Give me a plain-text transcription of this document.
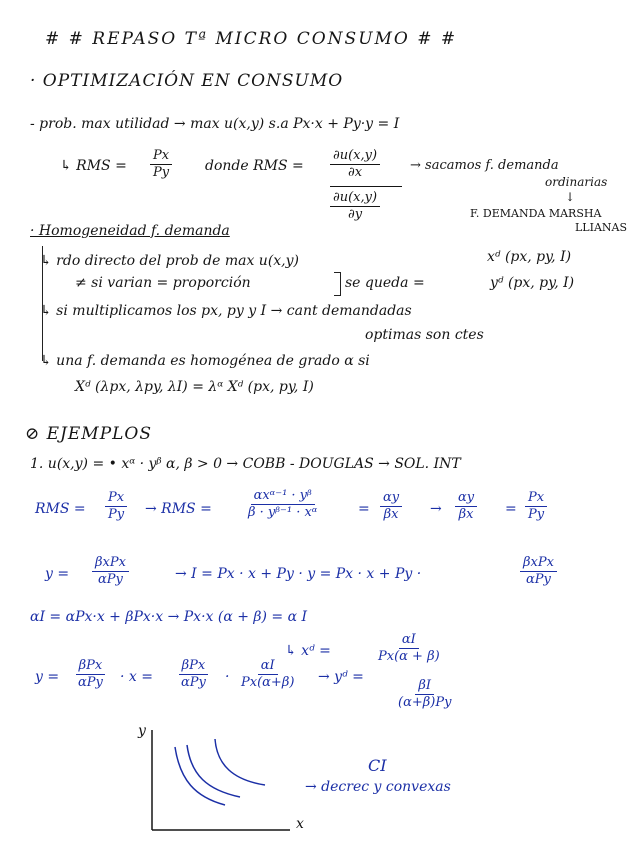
# # REPASO Tª MICRO CONSUMO # #
· OPTIMIZACIÓN EN CONSUMO
- prob. max utilidad → max u(x,y) s.a Px·x + Py·y = I
↳ RMS = $\frac{Px}{Py}$ donde RMS = $\frac{\partial u(x,y)}{\partial x}$
$\frac{\partial u(x,y)}{\partial y}$
→ sacamos f. demanda
ordinarias
↓
F. DEMANDA MARSHA
LLIANAS
· Homogeneidad f. demanda
↳ rdo directo del prob de max u(x,y)	xᵈ (px, py, I)
≠ si varian = proporción	se queda =	yᵈ (px, py, I)
↳ si multiplicamos los px, py y I → cant demandadas
optimas son ctes
↳ una f. demanda es homogénea de grado α si
Xᵈ (λpx, λpy, λI) = λᵅ Xᵈ (px, py, I)
⊘ EJEMPLOS
1. u(x,y) = • xᵅ · yᵝ α, β > 0 → COBB - DOUGLAS → SOL. INT
RMS = $\frac{Px}{Py}$ → RMS =
αxᵅ⁻¹ · yᵝ
β · yᵝ⁻¹ · xᵅ	= $\frac{\alpha y}{\beta x} \to \frac{\alpha y}{\beta x} = \frac{Px}{Py}$
y =
βxPx
αPy	→ I = Px · x + Py · y = Px · x + Py ·
βxPx
αPy
αI = αPx·x + βPx·x → Px·x (α + β) = α I
↳ xᵈ =	$\frac{\alpha I}{Px(\alpha + \beta)}$
y =
βPx
αPy · x =
βPx
$\alpha Py \cdot \frac{\alpha I}{Px(\alpha+\beta)}$ → yᵈ =
$\frac{\beta I}{(\alpha+\beta)Py}$
y
x
CI
→ decrec y convexas
